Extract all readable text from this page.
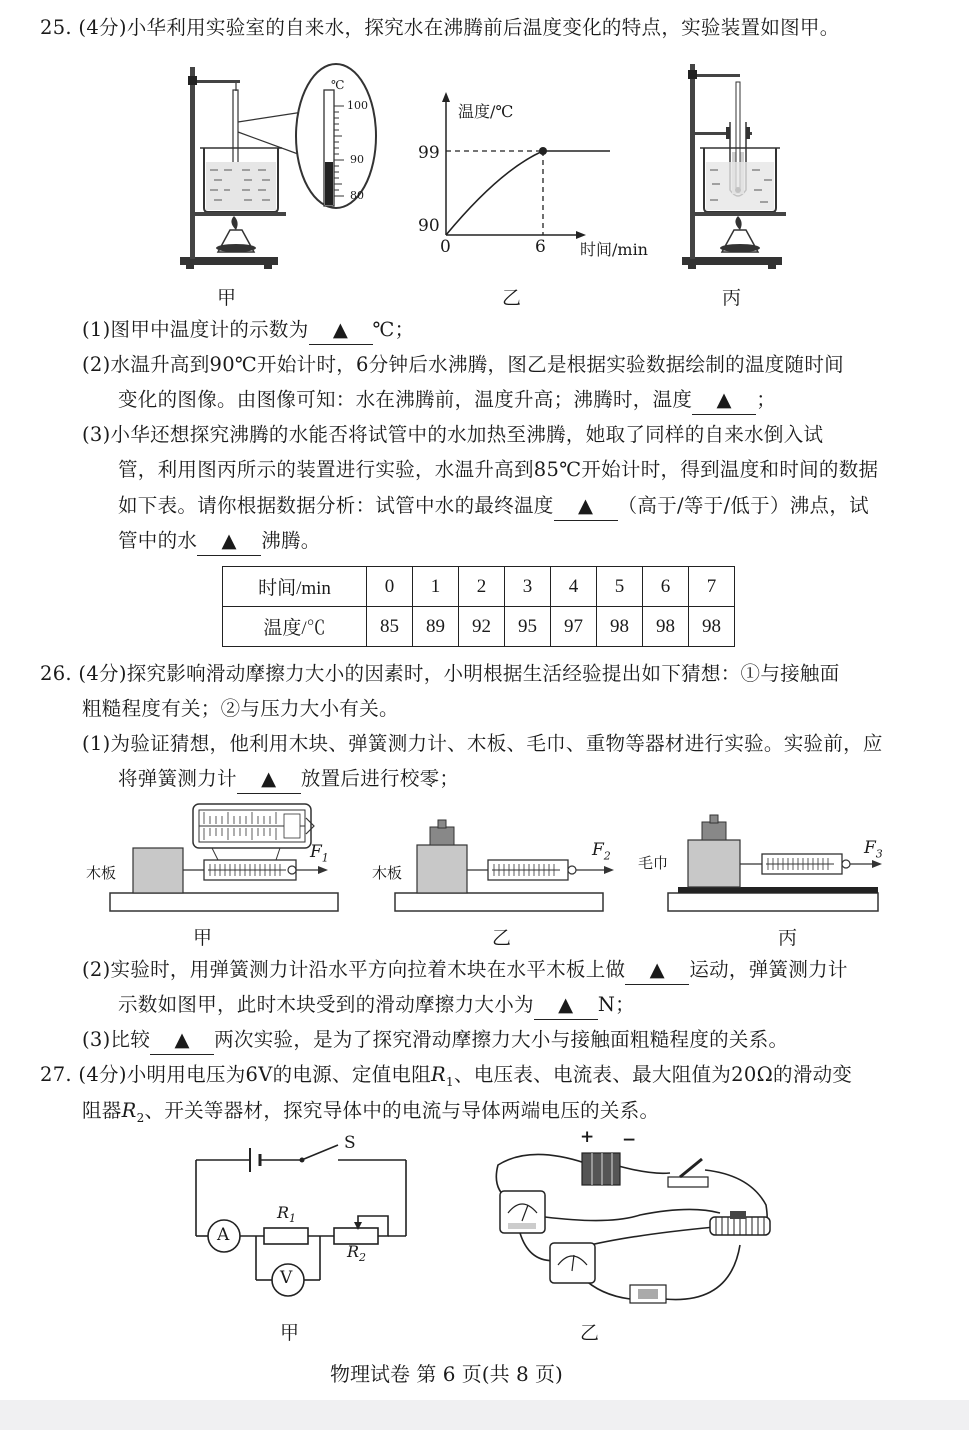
25. (4分)小华利用实验室的自来水，探究水在沸腾前后温度变化的特点，实验装置如图甲。
℃
100
90
80
温度/℃
99
90
0	6 时间/min
甲	乙	丙
(1)图甲中温度计的示数为 ▲ ℃；
(2)水温升高到90℃开始计时，6分钟后水沸腾，图乙是根据实验数据绘制的温度随时间
变化的图像。由图像可知：水在沸腾前，温度升高；沸腾时，温度 ▲ ；
(3)小华还想探究沸腾的水能否将试管中的水加热至沸腾，她取了同样的自来水倒入试
管，利用图丙所示的装置进行实验，水温升高到85℃开始计时，得到温度和时间的数据
如下表。请你根据数据分析：试管中水的最终温度 ▲ （高于/等于/低于）沸点，试
管中的水 ▲ 沸腾。
时间/min	0	1	2	3	4	5	6	7
温度/℃	85	89	92	95	97	98	98	98
26. (4分)探究影响滑动摩擦力大小的因素时，小明根据生活经验提出如下猜想：①与接触面
粗糙程度有关；②与压力大小有关。
(1)为验证猜想，他利用木块、弹簧测力计、木板、毛巾、重物等器材进行实验。实验前，应
将弹簧测力计 ▲ 放置后进行校零；
木板
$F_1$
木板
$F_2$ 毛巾
$F_3$
甲	乙	丙
(2)实验时，用弹簧测力计沿水平方向拉着木块在水平木板上做 ▲ 运动，弹簧测力计
示数如图甲，此时木块受到的滑动摩擦力大小为 ▲ N；
(3)比较 ▲ 两次实验，是为了探究滑动摩擦力大小与接触面粗糙程度的关系。
27. (4分)小明用电压为6V的电源、定值电阻$R_1$、电压表、电流表、最大阻值为20Ω的滑动变
阻器$R_2$、开关等器材，探究导体中的电流与导体两端电压的关系。
S
A
V
$R_1$
$R_2$
+ −
甲	乙
物理试卷 第 6 页(共 8 页)
